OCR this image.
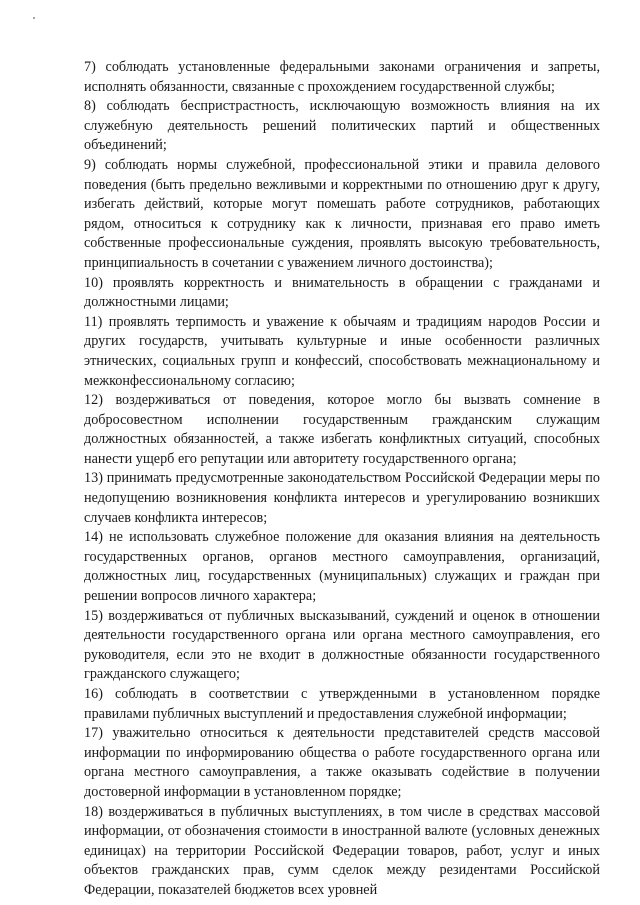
7) соблюдать установленные федеральными законами ограничения и запреты, исполнять обязанности, связанные с прохождением государственной службы;

8) соблюдать беспристрастность, исключающую возможность влияния на их служебную деятельность решений политических партий и общественных объединений;

9) соблюдать нормы служебной, профессиональной этики и правила делового поведения (быть предельно вежливыми и корректными по отношению друг к другу, избегать действий, которые могут помешать работе сотрудников, работающих рядом, относиться к сотруднику как к личности, признавая его право иметь собственные профессиональные суждения, проявлять высокую требовательность, принципиальность в сочетании с уважением личного достоинства);

10) проявлять корректность и внимательность в обращении с гражданами и должностными лицами;

11) проявлять терпимость и уважение к обычаям и традициям народов России и других государств, учитывать культурные и иные особенности различных этнических, социальных групп и конфессий, способствовать межнациональному и межконфессиональному согласию;

12) воздерживаться от поведения, которое могло бы вызвать сомнение в добросовестном исполнении государственным гражданским служащим должностных обязанностей, а также избегать конфликтных ситуаций, способных нанести ущерб его репутации или авторитету государственного органа;

13) принимать предусмотренные законодательством Российской Федерации меры по недопущению возникновения конфликта интересов и урегулированию возникших случаев конфликта интересов;

14) не использовать служебное положение для оказания влияния на деятельность государственных органов, органов местного самоуправления, организаций, должностных лиц, государственных (муниципальных) служащих и граждан при решении вопросов личного характера;

15) воздерживаться от публичных высказываний, суждений и оценок в отношении деятельности государственного органа или органа местного самоуправления, его руководителя, если это не входит в должностные обязанности государственного гражданского служащего;

16) соблюдать в соответствии с утвержденными в установленном порядке правилами публичных выступлений и предоставления служебной информации;

17) уважительно относиться к деятельности представителей средств массовой информации по информированию общества о работе государственного органа или органа местного самоуправления, а также оказывать содействие в получении достоверной информации в установленном порядке;

18) воздерживаться в публичных выступлениях, в том числе в средствах массовой информации, от обозначения стоимости в иностранной валюте (условных денежных единицах) на территории Российской Федерации товаров, работ, услуг и иных объектов гражданских прав, сумм сделок между резидентами Российской Федерации, показателей бюджетов всех уровней
